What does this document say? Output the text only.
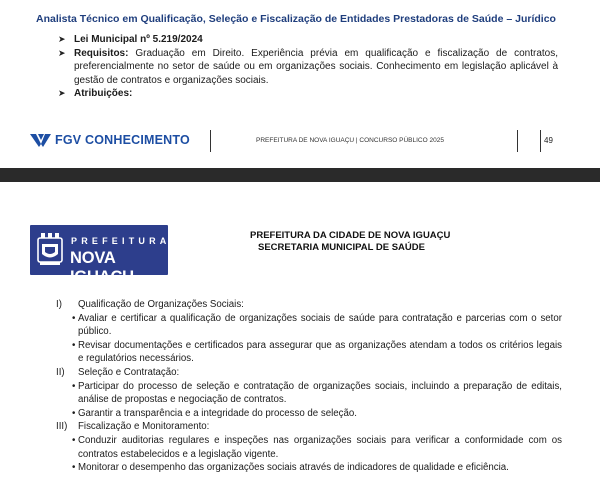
Analista Técnico em Qualificação, Seleção e Fiscalização de Entidades Prestadoras de Saúde – Jurídico
➤ Lei Municipal nº 5.219/2024
➤ Requisitos: Graduação em Direito. Experiência prévia em qualificação e fiscalização de contratos, preferencialmente no setor de saúde ou em organizações sociais. Conhecimento em legislação aplicável à gestão de contratos e organizações sociais.
➤ Atribuições:
FGV CONHECIMENTO	PREFEITURA DE NOVA IGUAÇU | CONCURSO PÚBLICO 2025	49
PREFEITURA
NOVA IGUAÇU
PREFEITURA DA CIDADE DE NOVA IGUAÇU
SECRETARIA MUNICIPAL DE SAÚDE
I) Qualificação de Organizações Sociais:
• Avaliar e certificar a qualificação de organizações sociais de saúde para contratação e parcerias com o setor público.
• Revisar documentações e certificados para assegurar que as organizações atendam a todos os critérios legais e regulatórios necessários.
II) Seleção e Contratação:
• Participar do processo de seleção e contratação de organizações sociais, incluindo a preparação de editais, análise de propostas e negociação de contratos.
• Garantir a transparência e a integridade do processo de seleção.
III) Fiscalização e Monitoramento:
• Conduzir auditorias regulares e inspeções nas organizações sociais para verificar a conformidade com os contratos estabelecidos e a legislação vigente.
• Monitorar o desempenho das organizações sociais através de indicadores de qualidade e eficiência.
